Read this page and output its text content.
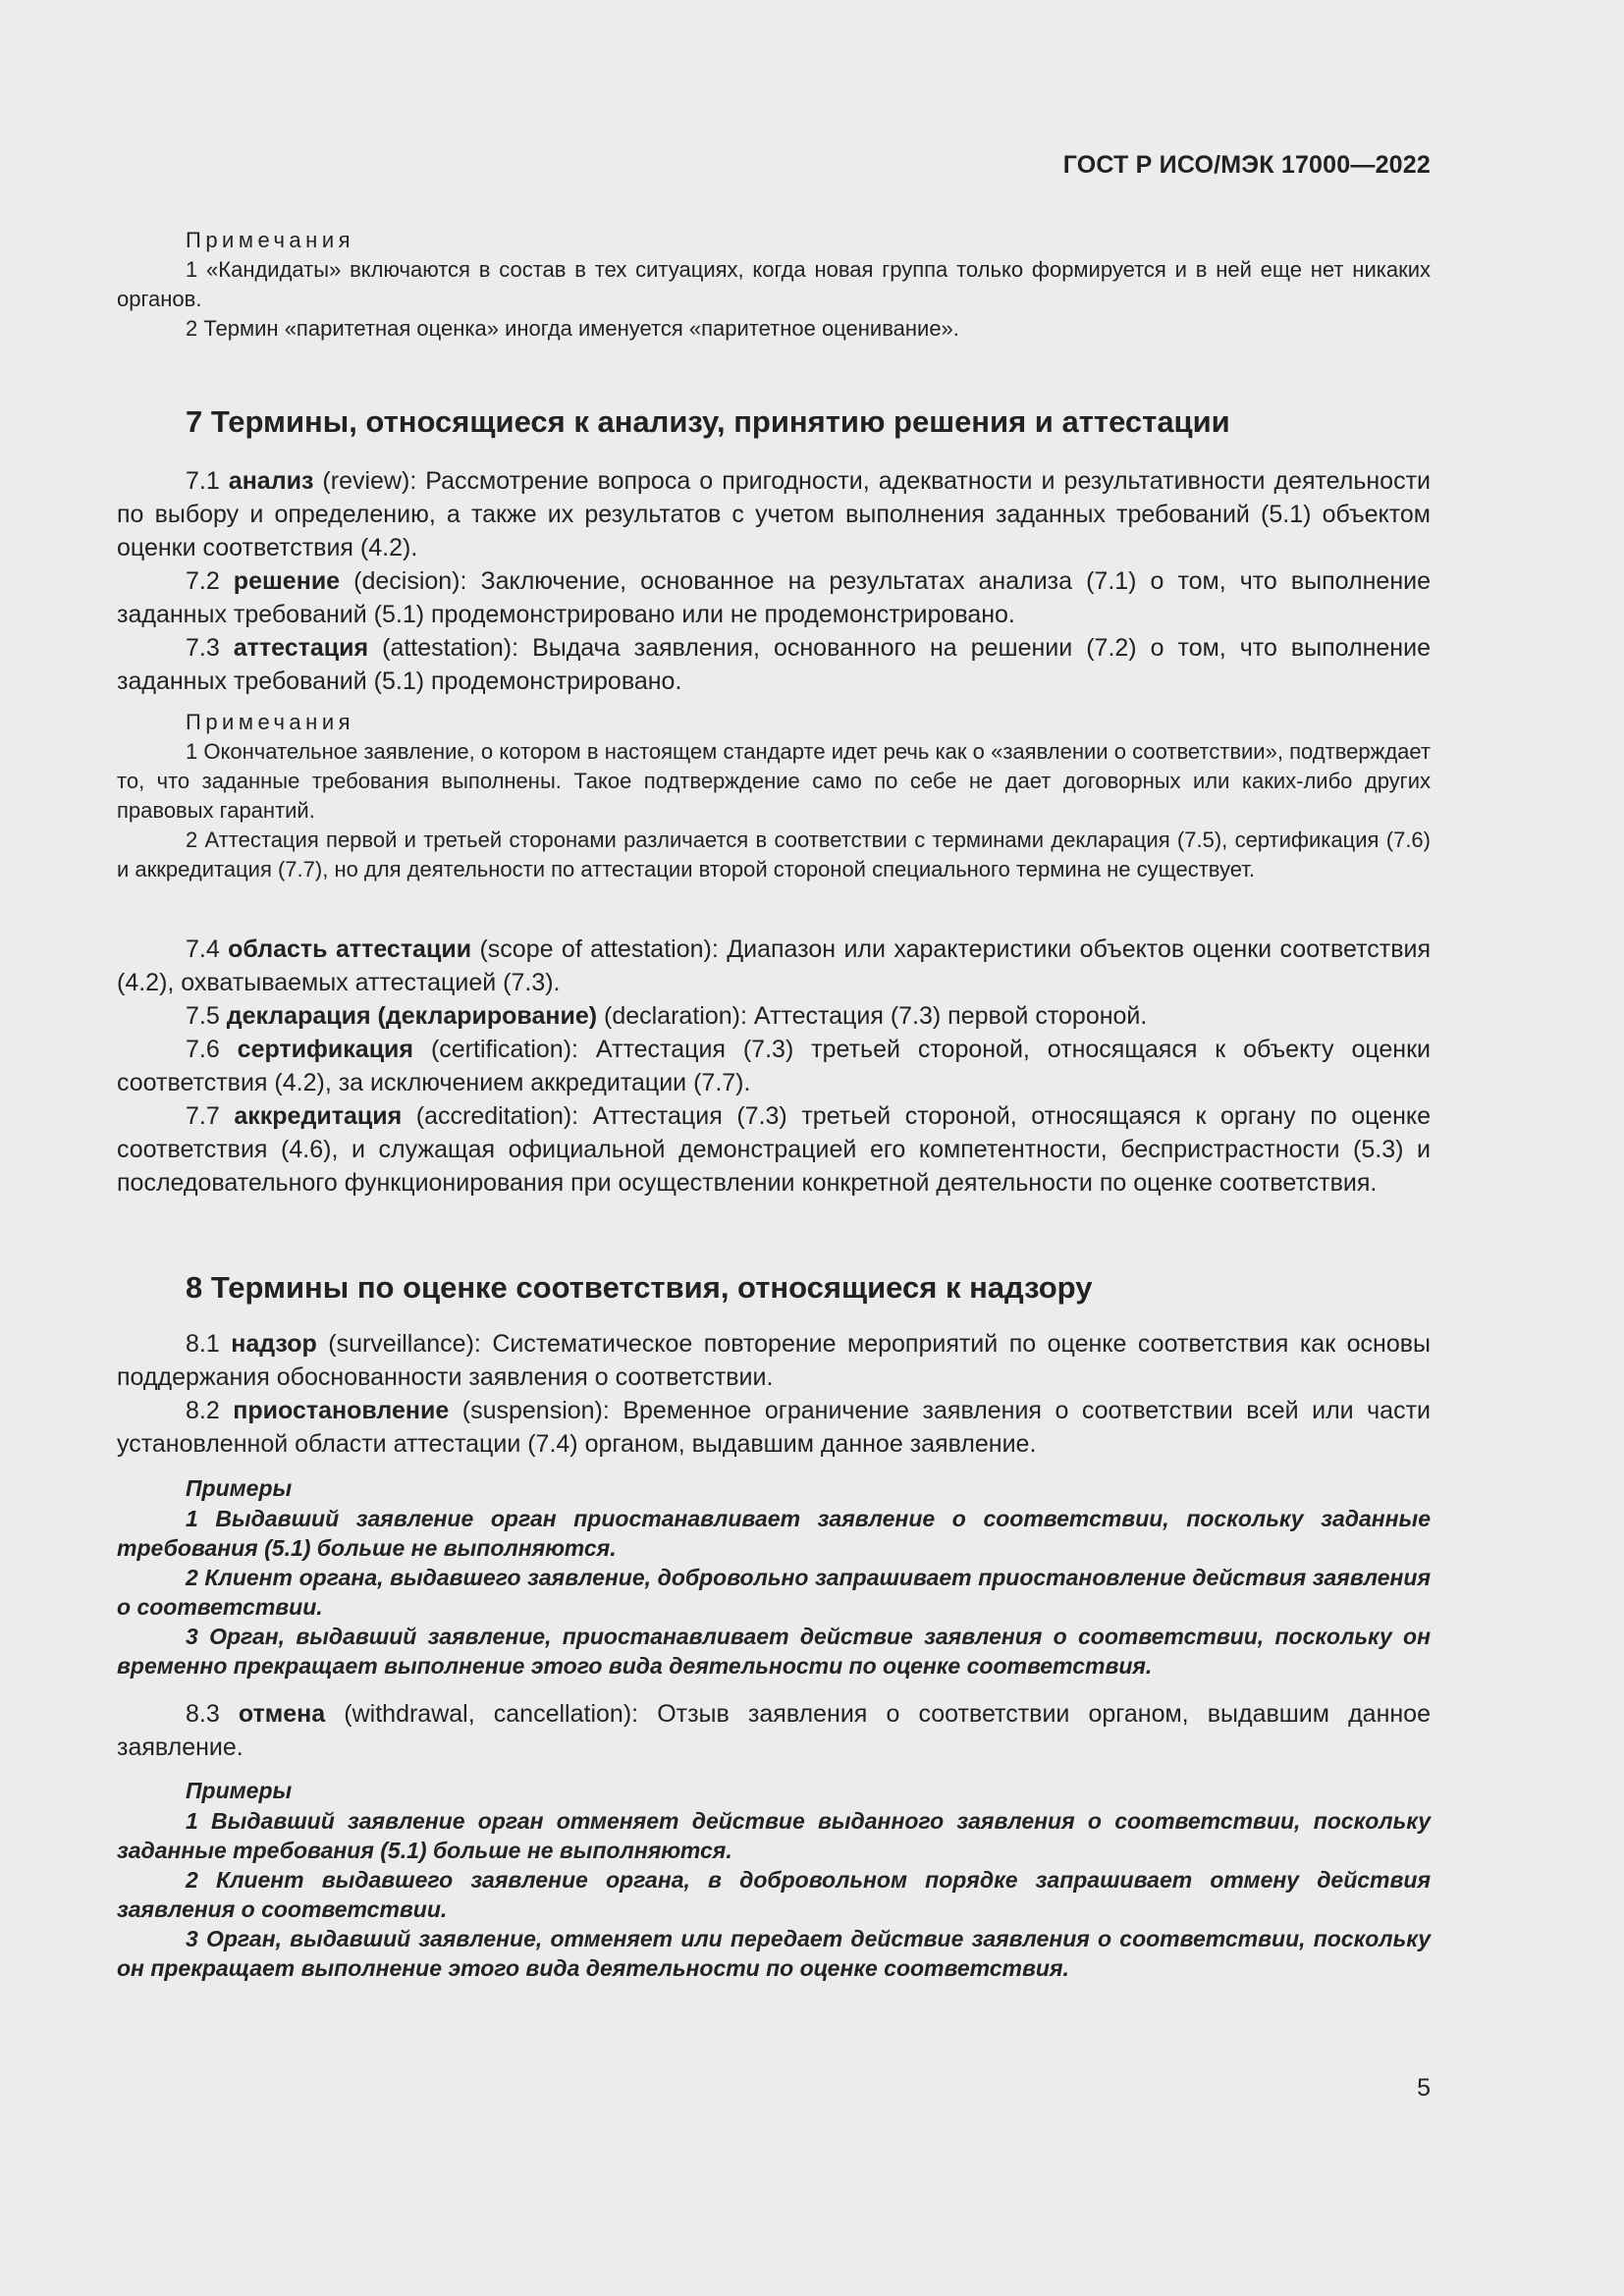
ГОСТ Р ИСО/МЭК 17000—2022

Примечания

1 «Кандидаты» включаются в состав в тех ситуациях, когда новая группа только формируется и в ней еще нет никаких органов.

2 Термин «паритетная оценка» иногда именуется «паритетное оценивание».

7 Термины, относящиеся к анализу, принятию решения и аттестации

7.1 анализ (review): Рассмотрение вопроса о пригодности, адекватности и результативности деятельности по выбору и определению, а также их результатов с учетом выполнения заданных требований (5.1) объектом оценки соответствия (4.2).

7.2 решение (decision): Заключение, основанное на результатах анализа (7.1) о том, что выполнение заданных требований (5.1) продемонстрировано или не продемонстрировано.

7.3 аттестация (attestation): Выдача заявления, основанного на решении (7.2) о том, что выполнение заданных требований (5.1) продемонстрировано.

Примечания

1 Окончательное заявление, о котором в настоящем стандарте идет речь как о «заявлении о соответствии», подтверждает то, что заданные требования выполнены. Такое подтверждение само по себе не дает договорных или каких-либо других правовых гарантий.

2 Аттестация первой и третьей сторонами различается в соответствии с терминами декларация (7.5), сертификация (7.6) и аккредитация (7.7), но для деятельности по аттестации второй стороной специального термина не существует.

7.4 область аттестации (scope of attestation): Диапазон или характеристики объектов оценки соответствия (4.2), охватываемых аттестацией (7.3).

7.5 декларация (декларирование) (declaration): Аттестация (7.3) первой стороной.

7.6 сертификация (certification): Аттестация (7.3) третьей стороной, относящаяся к объекту оценки соответствия (4.2), за исключением аккредитации (7.7).

7.7 аккредитация (accreditation): Аттестация (7.3) третьей стороной, относящаяся к органу по оценке соответствия (4.6), и служащая официальной демонстрацией его компетентности, беспристрастности (5.3) и последовательного функционирования при осуществлении конкретной деятельности по оценке соответствия.

8 Термины по оценке соответствия, относящиеся к надзору

8.1 надзор (surveillance): Систематическое повторение мероприятий по оценке соответствия как основы поддержания обоснованности заявления о соответствии.

8.2 приостановление (suspension): Временное ограничение заявления о соответствии всей или части установленной области аттестации (7.4) органом, выдавшим данное заявление.

Примеры

1 Выдавший заявление орган приостанавливает заявление о соответствии, поскольку заданные требования (5.1) больше не выполняются.

2 Клиент органа, выдавшего заявление, добровольно запрашивает приостановление действия заявления о соответствии.

3 Орган, выдавший заявление, приостанавливает действие заявления о соответствии, поскольку он временно прекращает выполнение этого вида деятельности по оценке соответствия.

8.3 отмена (withdrawal, cancellation): Отзыв заявления о соответствии органом, выдавшим данное заявление.

Примеры

1 Выдавший заявление орган отменяет действие выданного заявления о соответствии, поскольку заданные требования (5.1) больше не выполняются.

2 Клиент выдавшего заявление органа, в добровольном порядке запрашивает отмену действия заявления о соответствии.

3 Орган, выдавший заявление, отменяет или передает действие заявления о соответствии, поскольку он прекращает выполнение этого вида деятельности по оценке соответствия.

5
